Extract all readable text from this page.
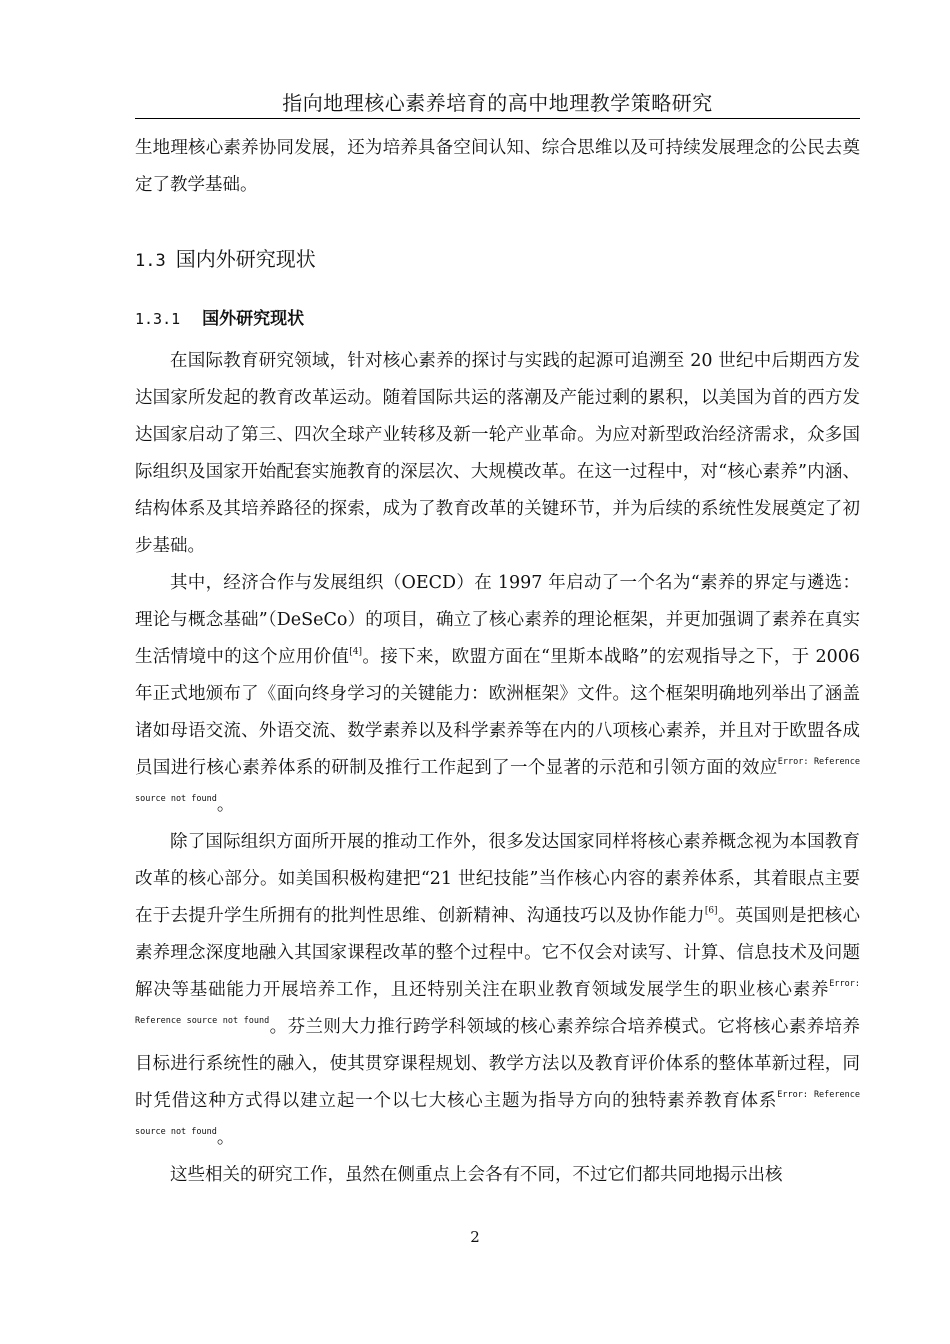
指向地理核心素养培育的高中地理教学策略研究

生地理核心素养协同发展，还为培养具备空间认知、综合思维以及可持续发展理念的公民去奠定了教学基础。

1.3 国内外研究现状
1.3.1 国外研究现状

在国际教育研究领域，针对核心素养的探讨与实践的起源可追溯至 20 世纪中后期西方发达国家所发起的教育改革运动。随着国际共运的落潮及产能过剩的累积，以美国为首的西方发达国家启动了第三、四次全球产业转移及新一轮产业革命。为应对新型政治经济需求，众多国际组织及国家开始配套实施教育的深层次、大规模改革。在这一过程中，对“核心素养”内涵、结构体系及其培养路径的探索，成为了教育改革的关键环节，并为后续的系统性发展奠定了初步基础。

其中，经济合作与发展组织（OECD）在 1997 年启动了一个名为“素养的界定与遴选：理论与概念基础”（DeSeCo）的项目，确立了核心素养的理论框架，并更加强调了素养在真实生活情境中的这个应用价值[4]。接下来，欧盟方面在“里斯本战略”的宏观指导之下，于 2006 年正式地颁布了《面向终身学习的关键能力：欧洲框架》文件。这个框架明确地列举出了涵盖诸如母语交流、外语交流、数学素养以及科学素养等在内的八项核心素养，并且对于欧盟各成员国进行核心素养体系的研制及推行工作起到了一个显著的示范和引领方面的效应$^{Error: Reference source not found}$。

除了国际组织方面所开展的推动工作外，很多发达国家同样将核心素养概念视为本国教育改革的核心部分。如美国积极构建把“21 世纪技能”当作核心内容的素养体系，其着眼点主要在于去提升学生所拥有的批判性思维、创新精神、沟通技巧以及协作能力[6]。英国则是把核心素养理念深度地融入其国家课程改革的整个过程中。它不仅会对读写、计算、信息技术及问题解决等基础能力开展培养工作，且还特别关注在职业教育领域发展学生的职业核心素养$^{Error: Reference source not found}$。芬兰则大力推行跨学科领域的核心素养综合培养模式。它将核心素养培养目标进行系统性的融入，使其贯穿课程规划、教学方法以及教育评价体系的整体革新过程，同时凭借这种方式得以建立起一个以七大核心主题为指导方向的独特素养教育体系$^{Error: Reference source not found}$。

这些相关的研究工作，虽然在侧重点上会各有不同，不过它们都共同地揭示出核

2
